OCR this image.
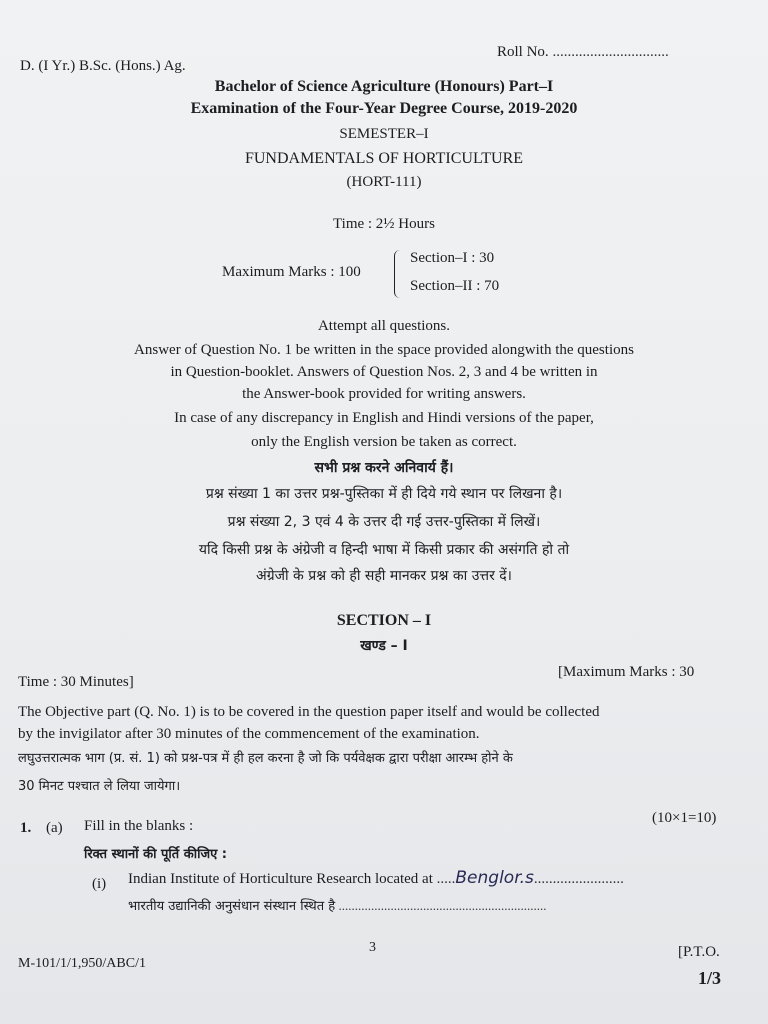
D. (I Yr.) B.Sc. (Hons.) Ag.
Roll No. ...............................
Bachelor of Science Agriculture (Honours) Part–I
Examination of the Four-Year Degree Course, 2019-2020
SEMESTER–I
FUNDAMENTALS OF HORTICULTURE
(HORT-111)
Time : 2½ Hours
Maximum Marks : 100
Section–I : 30
Section–II : 70
Attempt all questions.
Answer of Question No. 1 be written in the space provided alongwith the questions
in Question-booklet. Answers of Question Nos. 2, 3 and 4 be written in
the Answer-book provided for writing answers.
In case of any discrepancy in English and Hindi versions of the paper,
only the English version be taken as correct.
सभी प्रश्न करने अनिवार्य हैं।
प्रश्न संख्या 1 का उत्तर प्रश्न-पुस्तिका में ही दिये गये स्थान पर लिखना है।
प्रश्न संख्या 2, 3 एवं 4 के उत्तर दी गई उत्तर-पुस्तिका में लिखें।
यदि किसी प्रश्न के अंग्रेजी व हिन्दी भाषा में किसी प्रकार की असंगति हो तो
अंग्रेजी के प्रश्न को ही सही मानकर प्रश्न का उत्तर दें।
SECTION – I
खण्ड – I
Time : 30 Minutes]
[Maximum Marks : 30
The Objective part (Q. No. 1) is to be covered in the question paper itself and would be collected
by the invigilator after 30 minutes of the commencement of the examination.
लघुउत्तरात्मक भाग (प्र. सं. 1) को प्रश्न-पत्र में ही हल करना है जो कि पर्यवेक्षक द्वारा परीक्षा आरम्भ होने के
30 मिनट पश्चात ले लिया जायेगा।
1. (a) Fill in the blanks :	(10×1=10)
रिक्त स्थानों की पूर्ति कीजिए :
(i) Indian Institute of Horticulture Research located at .....Benglor.s........................
भारतीय उद्यानिकी अनुसंधान संस्थान स्थित है ................................................................
M-101/1/1,950/ABC/1
3	[P.T.O.
1/3
